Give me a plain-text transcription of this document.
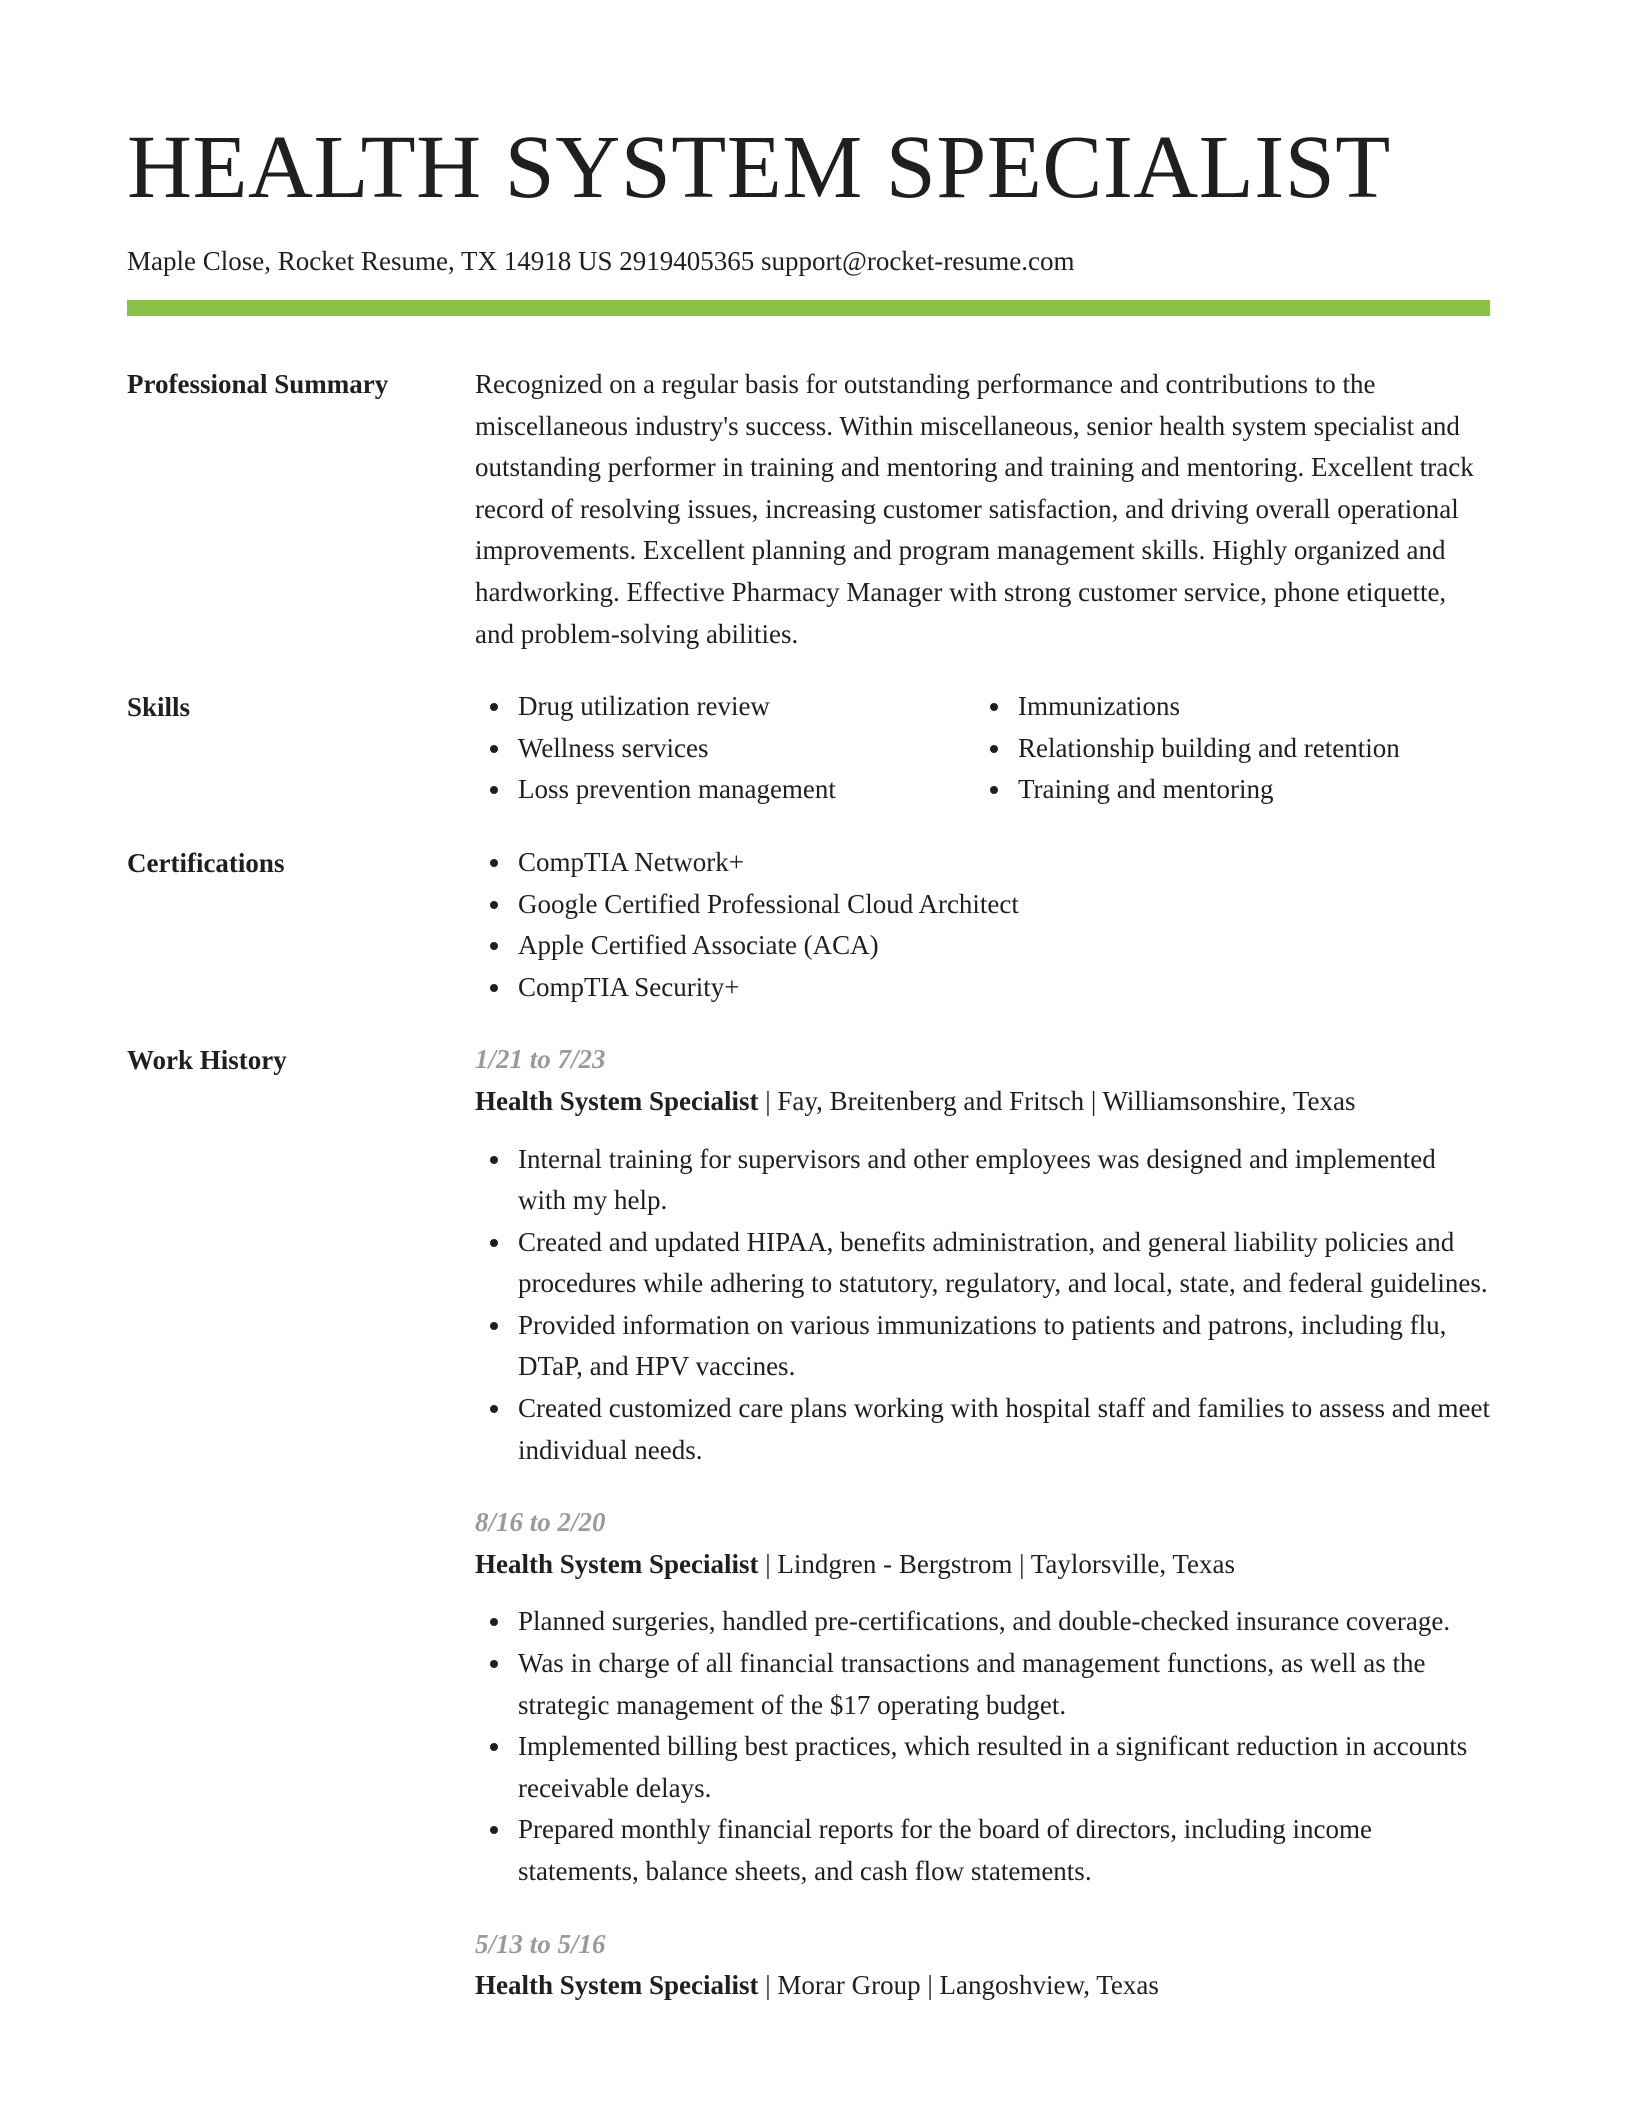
HEALTH SYSTEM SPECIALIST
Maple Close, Rocket Resume, TX 14918 US 2919405365 support@rocket-resume.com
Professional Summary	Recognized on a regular basis for outstanding performance and contributions to the miscellaneous industry's success. Within miscellaneous, senior health system specialist and outstanding performer in training and mentoring and training and mentoring. Excellent track record of resolving issues, increasing customer satisfaction, and driving overall operational improvements. Excellent planning and program management skills. Highly organized and hardworking. Effective Pharmacy Manager with strong customer service, phone etiquette, and problem-solving abilities.
Skills	Drug utilization review
Wellness services
Loss prevention management
Immunizations
Relationship building and retention
Training and mentoring
Certifications	CompTIA Network+
Google Certified Professional Cloud Architect
Apple Certified Associate (ACA)
CompTIA Security+
Work History	1/21 to 7/23
Health System Specialist | Fay, Breitenberg and Fritsch | Williamsonshire, Texas
Internal training for supervisors and other employees was designed and implemented with my help.
Created and updated HIPAA, benefits administration, and general liability policies and procedures while adhering to statutory, regulatory, and local, state, and federal guidelines.
Provided information on various immunizations to patients and patrons, including flu, DTaP, and HPV vaccines.
Created customized care plans working with hospital staff and families to assess and meet individual needs.
8/16 to 2/20
Health System Specialist | Lindgren - Bergstrom | Taylorsville, Texas
Planned surgeries, handled pre-certifications, and double-checked insurance coverage.
Was in charge of all financial transactions and management functions, as well as the strategic management of the $17 operating budget.
Implemented billing best practices, which resulted in a significant reduction in accounts receivable delays.
Prepared monthly financial reports for the board of directors, including income statements, balance sheets, and cash flow statements.
5/13 to 5/16
Health System Specialist | Morar Group | Langoshview, Texas
